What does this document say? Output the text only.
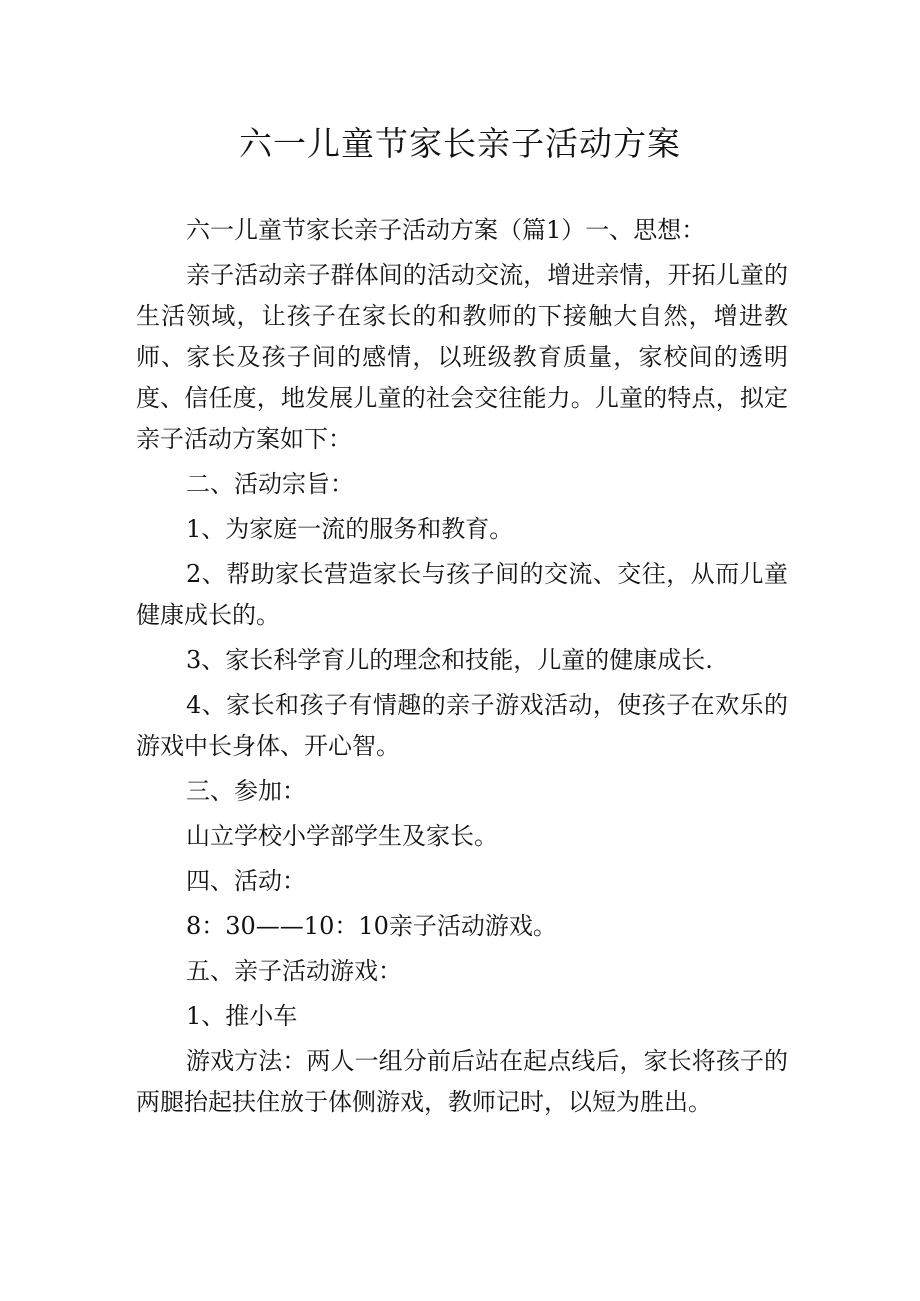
六一儿童节家长亲子活动方案

六一儿童节家长亲子活动方案（篇1）一、思想：

亲子活动亲子群体间的活动交流，增进亲情，开拓儿童的生活领域，让孩子在家长的和教师的下接触大自然，增进教师、家长及孩子间的感情，以班级教育质量，家校间的透明度、信任度，地发展儿童的社会交往能力。儿童的特点，拟定亲子活动方案如下：

二、活动宗旨：

1、为家庭一流的服务和教育。

2、帮助家长营造家长与孩子间的交流、交往，从而儿童健康成长的。

3、家长科学育儿的理念和技能，儿童的健康成长.

4、家长和孩子有情趣的亲子游戏活动，使孩子在欢乐的游戏中长身体、开心智。

三、参加：

山立学校小学部学生及家长。

四、活动：

8：30——10：10亲子活动游戏。

五、亲子活动游戏：

1、推小车

游戏方法：两人一组分前后站在起点线后，家长将孩子的两腿抬起扶住放于体侧游戏，教师记时，以短为胜出。
